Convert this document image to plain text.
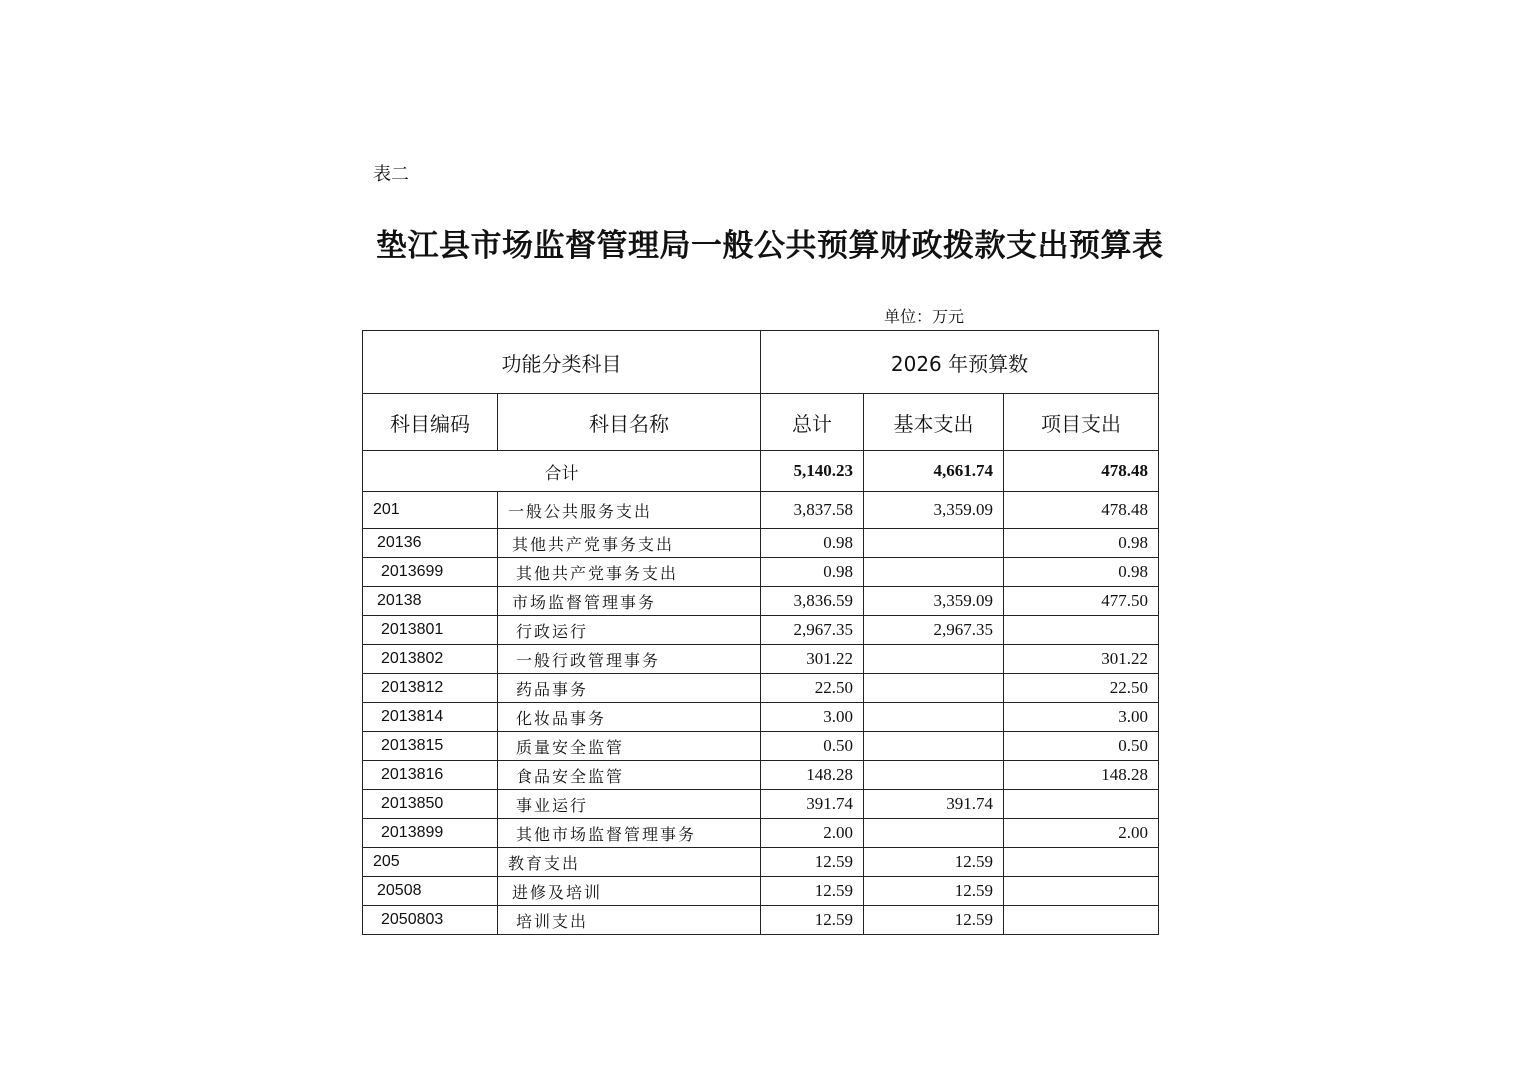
表二
垫江县市场监督管理局一般公共预算财政拨款支出预算表
单位：万元
功能分类科目		2026 年预算数		
科目编码	科目名称	总计	基本支出	项目支出
合计		5,140.23	4,661.74	478.48
201	一般公共服务支出	3,837.58	3,359.09	478.48
20136	其他共产党事务支出	0.98		0.98
2013699	其他共产党事务支出	0.98		0.98
20138	市场监督管理事务	3,836.59	3,359.09	477.50
2013801	行政运行	2,967.35	2,967.35	
2013802	一般行政管理事务	301.22		301.22
2013812	药品事务	22.50		22.50
2013814	化妆品事务	3.00		3.00
2013815	质量安全监管	0.50		0.50
2013816	食品安全监管	148.28		148.28
2013850	事业运行	391.74	391.74	
2013899	其他市场监督管理事务	2.00		2.00
205	教育支出	12.59	12.59	
20508	进修及培训	12.59	12.59	
2050803	培训支出	12.59	12.59	
